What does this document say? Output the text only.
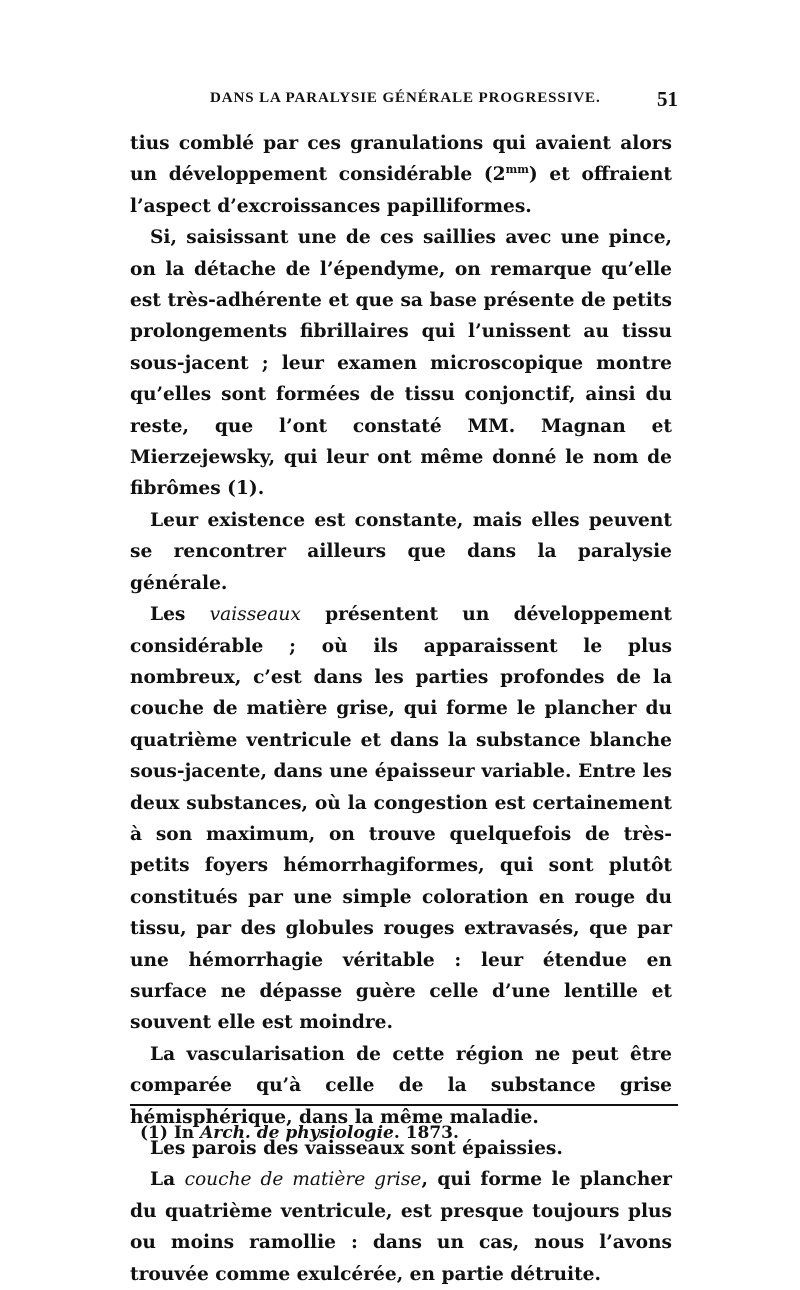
DANS LA PARALYSIE GÉNÉRALE PROGRESSIVE.	51

tius comblé par ces granulations qui avaient alors un développement considérable $(2^{mm})$ et offraient l’aspect d’excroissances papilliformes.

Si, saisissant une de ces saillies avec une pince, on la détache de l’épendyme, on remarque qu’elle est très-adhérente et que sa base présente de petits prolongements fibrillaires qui l’unissent au tissu sous-jacent ; leur examen microscopique montre qu’elles sont formées de tissu conjonctif, ainsi du reste, que l’ont constaté MM. Magnan et Mierzejewsky, qui leur ont même donné le nom de fibrômes (1).

Leur existence est constante, mais elles peuvent se rencontrer ailleurs que dans la paralysie générale.

Les vaisseaux présentent un développement considérable ; où ils apparaissent le plus nombreux, c’est dans les parties profondes de la couche de matière grise, qui forme le plancher du quatrième ventricule et dans la substance blanche sous-jacente, dans une épaisseur variable. Entre les deux substances, où la congestion est certainement à son maximum, on trouve quelquefois de très-petits foyers hémorrhagiformes, qui sont plutôt constitués par une simple coloration en rouge du tissu, par des globules rouges extravasés, que par une hémorrhagie véritable : leur étendue en surface ne dépasse guère celle d’une lentille et souvent elle est moindre.

La vascularisation de cette région ne peut être comparée qu’à celle de la substance grise hémisphérique, dans la même maladie.

Les parois des vaisseaux sont épaissies.

La couche de matière grise, qui forme le plancher du quatrième ventricule, est presque toujours plus ou moins ramollie : dans un cas, nous l’avons trouvée comme exulcérée, en partie détruite.

(1) In Arch. de physiologie. 1873.
